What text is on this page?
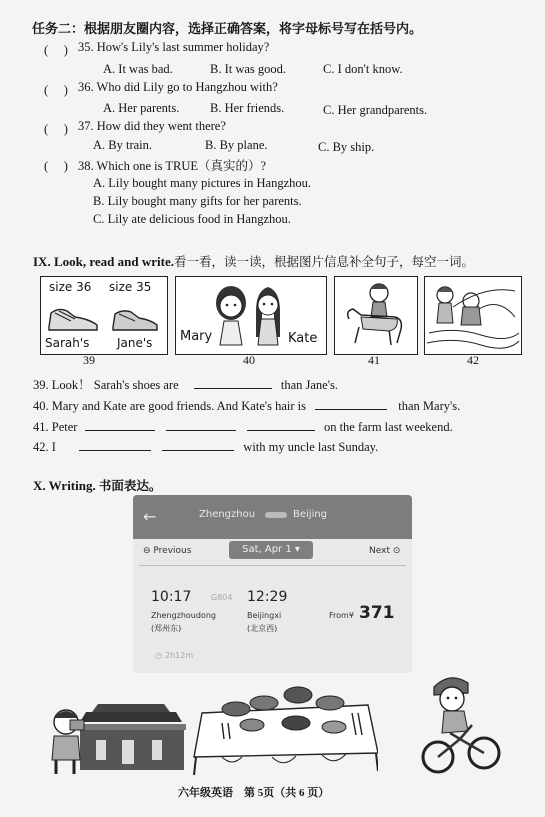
任务二：根据朋友圈内容，选择正确答案，将字母标号写在括号内。
(　 ) 35. How's Lily's last summer holiday?
A. It was bad.	B. It was good.	C. I don't know.
(　 ) 36. Who did Lily go to Hangzhou with?
A. Her parents. B. Her friends.	C. Her grandparents.
(　 ) 37. How did they went there?
A. By train.	B. By plane.	C. By ship.
(　 ) 38. Which one is TRUE（真实的）?
A. Lily bought many pictures in Hangzhou.
B. Lily bought many gifts for her parents.
C. Lily ate delicious food in Hangzhou.
IX. Look, read and write.看一看，读一读，根据图片信息补全句子，每空一词。
size 36 size 35
Sarah's Jane's Mary	Kate
39	40	41	42
39. Look！ Sarah's shoes are	than Jane's.
40. Mary and Kate are good friends. And Kate's hair is	than Mary's.
41. Peter	on the farm last weekend.
42. I	with my uncle last Sunday.
X. Writing. 书面表达。
←	Zhengzhou	Beijing
⊖ Previous	Sat, Apr 1 ▾	Next ⊙
10:17 G804 12:29
Zhengzhoudong	Beijingxi
(郑州东)	(北京西)
From¥ 371
◷ 2h12m
六年级英语　第 5页（共 6 页）
